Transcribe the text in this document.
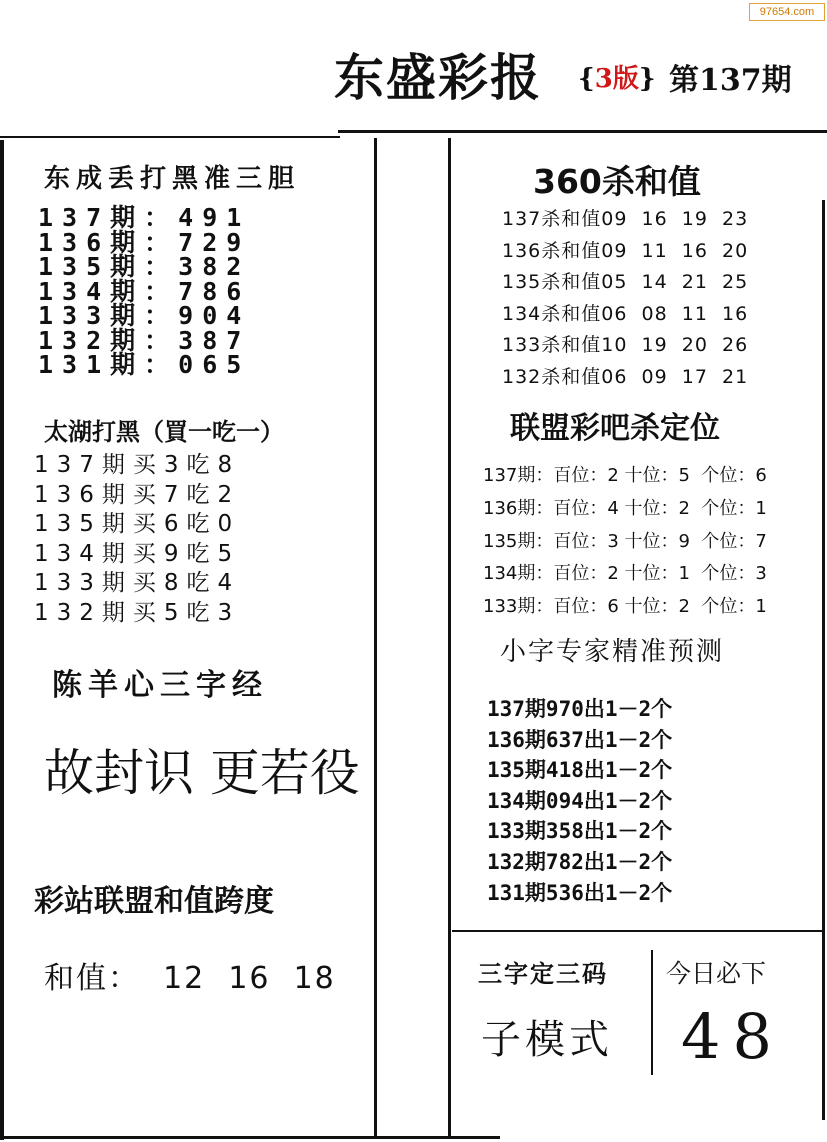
97654.com
东盛彩报 {3版} 第137期
东成丢打黑准三胆
137期：491
136期：729
135期：382
134期：786
133期：904
132期：387
131期：065
太湖打黑（買一吃一）
137期买3吃8
136期买7吃2
135期买6吃0
134期买9吃5
133期买8吃4
132期买5吃3
陈羊心三字经
故封识 更若役
彩站联盟和值跨度
和值：  12  16  18
360杀和值
137杀和值09  16  19  23
136杀和值09  11  16  20
135杀和值05  14  21  25
134杀和值06  08  11  16
133杀和值10  19  20  26
132杀和值06  09  17  21
联盟彩吧杀定位
137期：百位：2 十位：5  个位：6
136期：百位：4 十位：2  个位：1
135期：百位：3 十位：9  个位：7
134期：百位：2 十位：1  个位：3
133期：百位：6 十位：2  个位：1
小字专家精准预测
137期970出1－2个
136期637出1－2个
135期418出1－2个
134期094出1－2个
133期358出1－2个
132期782出1－2个
131期536出1－2个
三字定三码
子模式
今日必下
48
